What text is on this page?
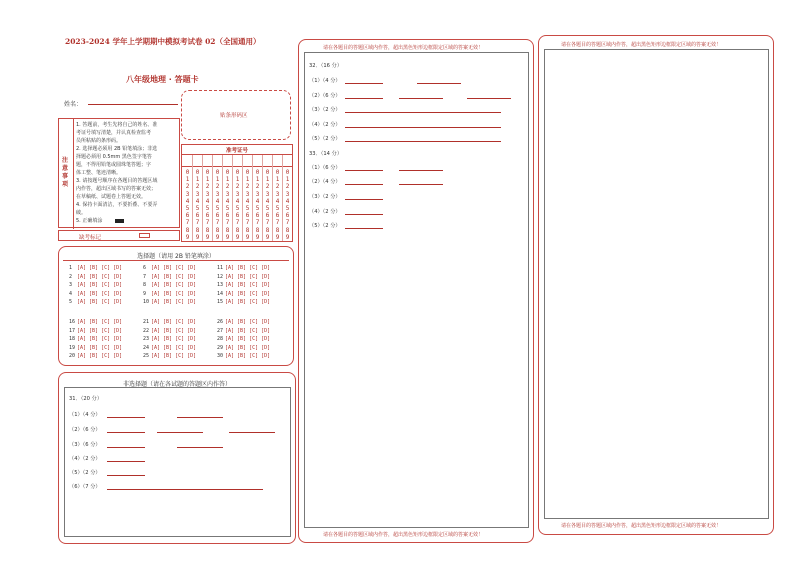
2023-2024 学年上学期期中模拟考试卷 02（全国通用）
八年级地理 · 答题卡
姓名：
贴条形码区
注意事项
1. 答题前，考生先将自己的姓名、准
考证号填写清楚，并认真检查监考
员所粘贴的条形码。
2. 选择题必须用 2B 铅笔填涂；非选
择题必须用 0.5mm 黑色签字笔答
题，不得用铅笔或圆珠笔答题；字
体工整、笔迹清晰。
3. 请按题号顺序在各题目的答题区域
内作答，超出区域书写的答案无效；
在草稿纸、试题卷上答题无效。
4. 保持卡面清洁，不要折叠、不要弄
破。
5. 正确填涂
准考证号
0
1
2
3
4
5
6
7
8
9
0
1
2
3
4
5
6
7
8
9
0
1
2
3
4
5
6
7
8
9
0
1
2
3
4
5
6
7
8
9
0
1
2
3
4
5
6
7
8
9
0
1
2
3
4
5
6
7
8
9
0
1
2
3
4
5
6
7
8
9
0
1
2
3
4
5
6
7
8
9
0
1
2
3
4
5
6
7
8
9
0
1
2
3
4
5
6
7
8
9
0
1
2
3
4
5
6
7
8
9
缺考标记
选择题（请用 2B 铅笔填涂）
1 [A] [B] [C] [D]
2 [A] [B] [C] [D]
3 [A] [B] [C] [D]
4 [A] [B] [C] [D]
5 [A] [B] [C] [D]
16 [A] [B] [C] [D]
17 [A] [B] [C] [D]
18 [A] [B] [C] [D]
19 [A] [B] [C] [D]
20 [A] [B] [C] [D]
6 [A] [B] [C] [D]
7 [A] [B] [C] [D]
8 [A] [B] [C] [D]
9 [A] [B] [C] [D]
10 [A] [B] [C] [D]
21 [A] [B] [C] [D]
22 [A] [B] [C] [D]
23 [A] [B] [C] [D]
24 [A] [B] [C] [D]
25 [A] [B] [C] [D]
11 [A] [B] [C] [D]
12 [A] [B] [C] [D]
13 [A] [B] [C] [D]
14 [A] [B] [C] [D]
15 [A] [B] [C] [D]
26 [A] [B] [C] [D]
27 [A] [B] [C] [D]
28 [A] [B] [C] [D]
29 [A] [B] [C] [D]
30 [A] [B] [C] [D]
非选择题（请在各试题的答题区内作答）
31．（20 分）
（1）（4 分）
（2）（6 分）
（3）（6 分）
（4）（2 分）
（5）（2 分）
（6）（7 分）
请在各题目的答题区域内作答，超出黑色矩形边框限定区域的答案无效！
请在各题目的答题区域内作答，超出黑色矩形边框限定区域的答案无效！
32．（16 分）
（1）（4 分）
（2）（6 分）
（3）（2 分）
（4）（2 分）
（5）（2 分）
33．（14 分）
（1）（6 分）
（2）（4 分）
（3）（2 分）
（4）（2 分）
（5）（2 分）
请在各题目的答题区域内作答，超出黑色矩形边框限定区域的答案无效！
请在各题目的答题区域内作答，超出黑色矩形边框限定区域的答案无效！
